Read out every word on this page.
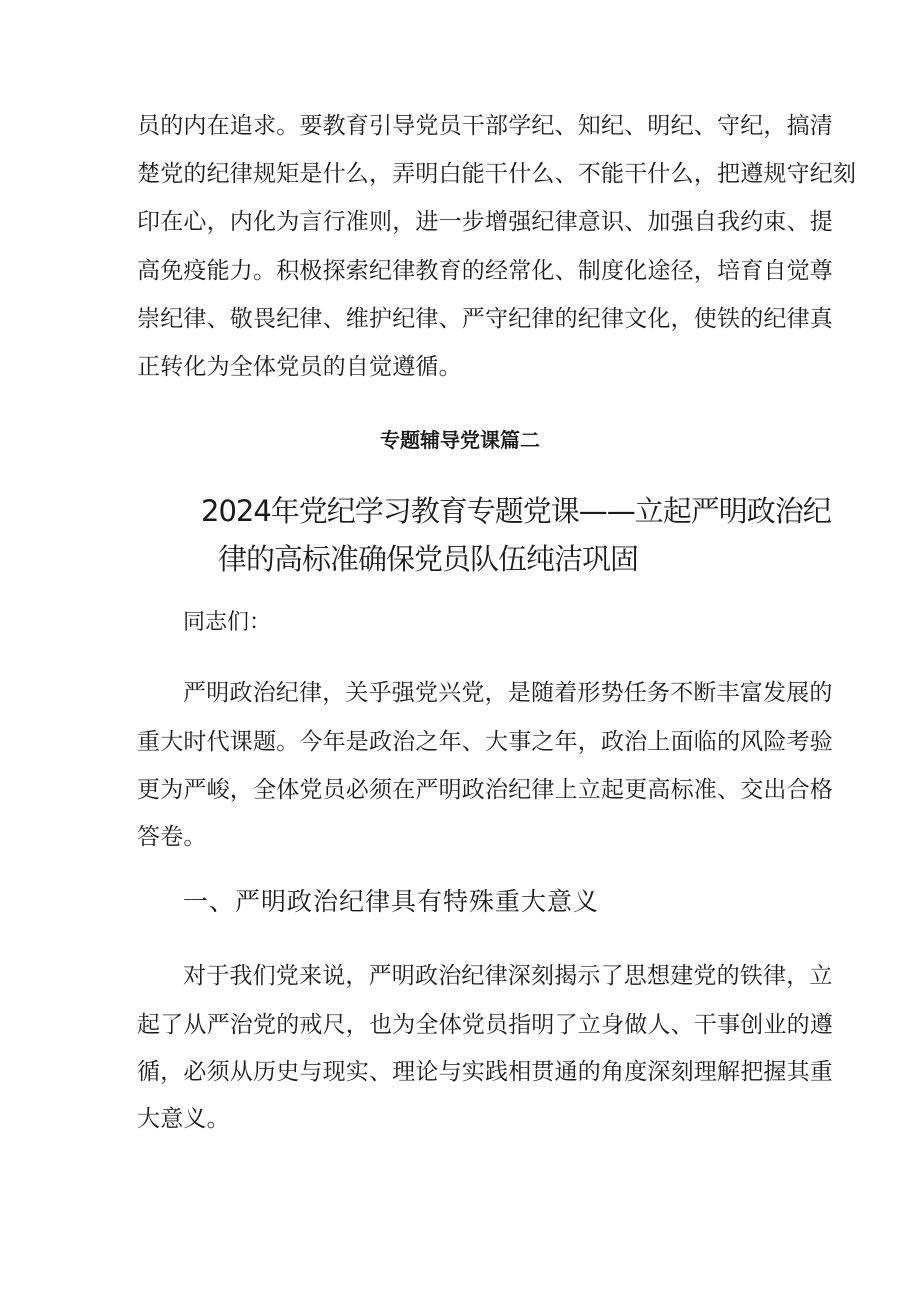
员的内在追求。要教育引导党员干部学纪、知纪、明纪、守纪，搞清
楚党的纪律规矩是什么，弄明白能干什么、不能干什么，把遵规守纪刻
印在心，内化为言行准则，进一步增强纪律意识、加强自我约束、提
高免疫能力。积极探索纪律教育的经常化、制度化途径，培育自觉尊
崇纪律、敬畏纪律、维护纪律、严守纪律的纪律文化，使铁的纪律真
正转化为全体党员的自觉遵循。
专题辅导党课篇二
2024年党纪学习教育专题党课——立起严明政治纪
律的高标准确保党员队伍纯洁巩固
同志们：
严明政治纪律，关乎强党兴党，是随着形势任务不断丰富发展的
重大时代课题。今年是政治之年、大事之年，政治上面临的风险考验
更为严峻，全体党员必须在严明政治纪律上立起更高标准、交出合格
答卷。
一、严明政治纪律具有特殊重大意义
对于我们党来说，严明政治纪律深刻揭示了思想建党的铁律，立
起了从严治党的戒尺，也为全体党员指明了立身做人、干事创业的遵
循，必须从历史与现实、理论与实践相贯通的角度深刻理解把握其重
大意义。
